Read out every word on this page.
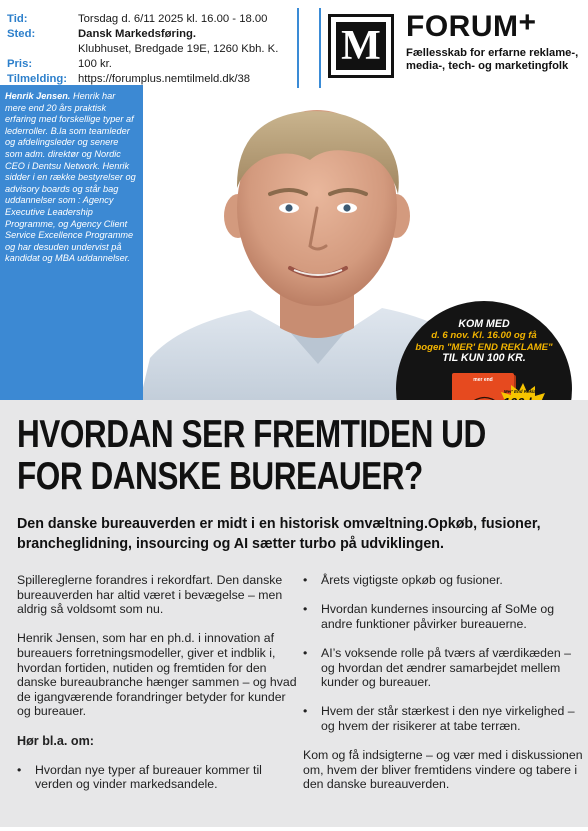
Tid:	Torsdag d. 6/11 2025 kl. 16.00 - 18.00
Sted:	Dansk Markedsføring.
Klubhuset, Bredgade 19E, 1260 Kbh. K.
Pris:	100 kr.
Tilmelding: https://forumplus.nemtilmeld.dk/38
M FORUM+
Fællesskab for erfarne reklame-, media-, tech- og marketingfolk
KOM MED
d. 6 nov. Kl. 16.00 og få
bogen "MER' END REKLAME"
TIL KUN 100 KR.
mer end
Mer' End Reklame
Henrik Jensen. Henrik har mere end 20 års praktisk erfaring med forskellige typer af lederroller. B.la som teamleder og afdelingsleder og senere som adm. direktør og Nordic CEO i Dentsu Network. Henrik sidder i en række bestyrelser og advisory boards og står bag uddannelser som : Agency Executive Leadership Programme, og Agency Client Service Excellence Programme og har desuden undervist på kandidat og MBA uddannelser.
HVORDAN SER FREMTIDEN UD
FOR DANSKE BUREAUER?
Den danske bureauverden er midt i en historisk omvæltning.Opkøb, fusioner, brancheglidning, insourcing og AI sætter turbo på udviklingen.

Spillereglerne forandres i rekordfart. Den danske bureauverden har altid været i bevægelse – men aldrig så voldsomt som nu.

Henrik Jensen, som har en ph.d. i innovation af bureauers forretningsmodeller, giver et indblik i, hvordan fortiden, nutiden og fremtiden for den danske bureaubranche hænger sammen – og hvad de igangværende forandringer betyder for kunder og bureauer.

Hør bl.a. om:
•	Hvordan nye typer af bureauer kommer til verden og vinder markedsandele.
•	Årets vigtigste opkøb og fusioner.
•	Hvordan kundernes insourcing af SoMe og andre funktioner påvirker bureauerne.
•	AI’s voksende rolle på tværs af værdikæden – og hvordan det ændrer samarbejdet mellem kunder og bureauer.
•	Hvem der står stærkest i den nye virkelighed – og hvem der risikerer at tabe terræn.

Kom og få indsigterne – og vær med i diskussionen om, hvem der bliver fremtidens vindere og tabere i den danske bureauverden.
